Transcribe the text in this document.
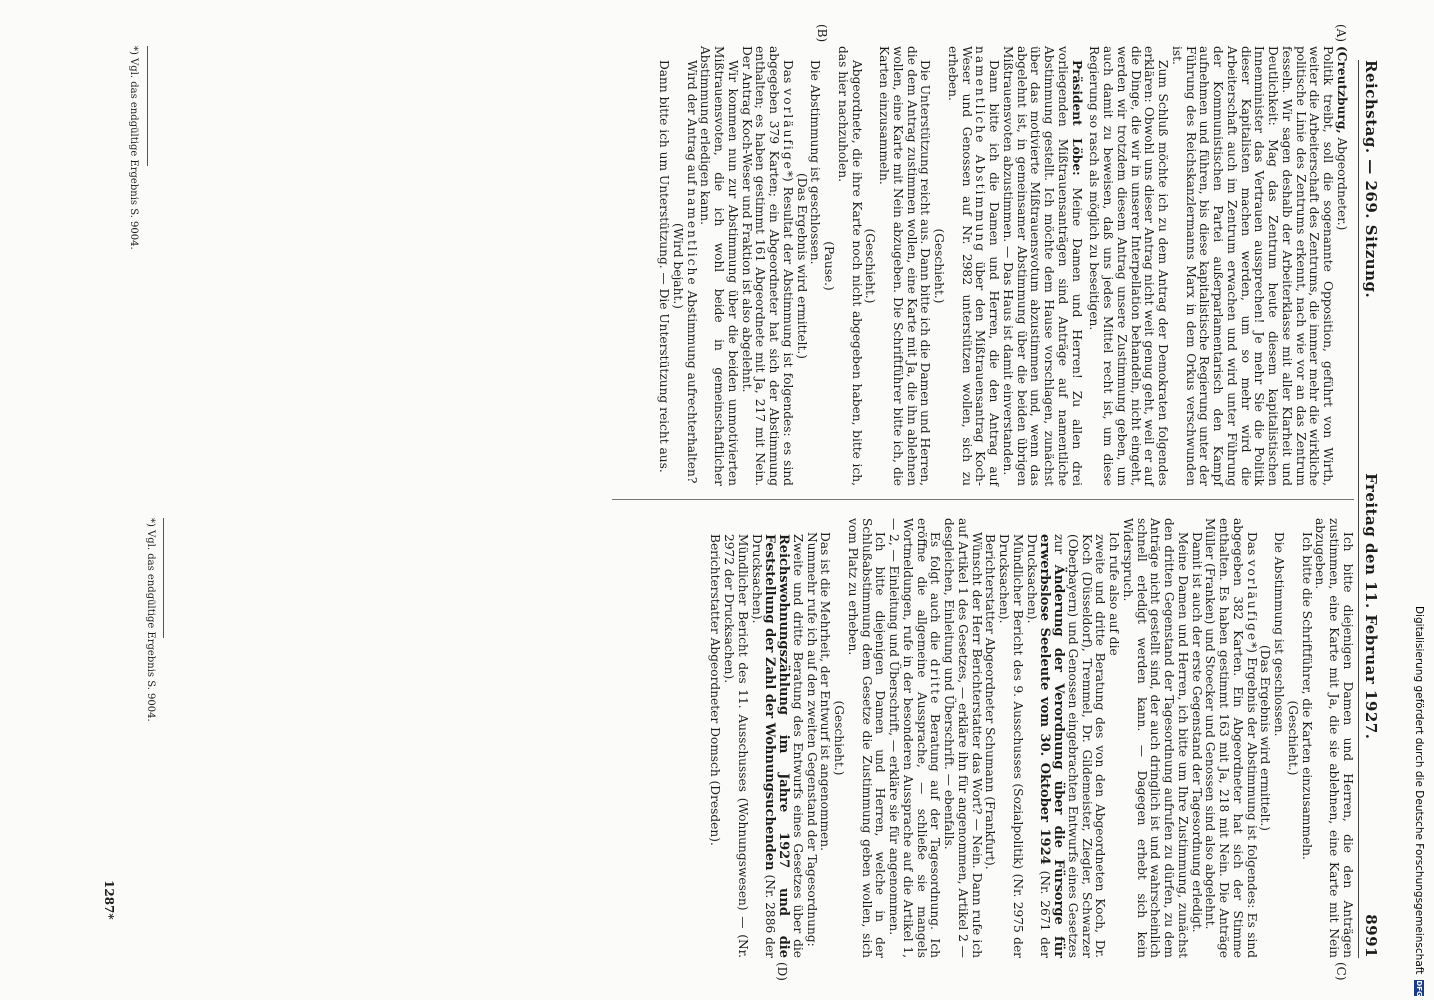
Digitalisierung gefördert durch die Deutsche Forschungsgemeinschaft
DFG
Reichstag. — 269. Sitzung.
Freitag den 11. Februar 1927.
8991
(A)
(B)
(C)
(D)

(Creutzburg, Abgeordneter.)

Politik treibt, soll die sogenannte Opposition, geführt von Wirth, weiter die Arbeiterschaft des Zentrums, die immer mehr die wirkliche politische Linie des Zentrums erkennt, nach wie vor an das Zentrum fesseln. Wir sagen deshalb der Arbeiterklasse mit aller Klarheit und Deutlichkeit: Mag das Zentrum heute diesem kapitalistischen Innenminister das Vertrauen aussprechen! Je mehr Sie die Politik dieser Kapitalisten machen werden, um so mehr wird die Arbeiterschaft auch im Zentrum erwachen und wird unter Führung der Kommunistischen Partei außerparlamentarisch den Kampf aufnehmen und führen, bis diese kapitalistische Regierung unter der Führung des Reichskanzlermanns Marx in dem Orkus verschwunden ist.

Zum Schluß möchte ich zu dem Antrag der Demokraten folgendes erklären: Obwohl uns dieser Antrag nicht weit genug geht, weil er auf die Dinge, die wir in unserer Interpellation behandeln, nicht eingeht, werden wir trotzdem diesem Antrag unsere Zustimmung geben, um auch damit zu beweisen, daß uns jedes Mittel recht ist, um diese Regierung so rasch als möglich zu beseitigen.

Präsident Löbe: Meine Damen und Herren! Zu allen drei vorliegenden Mißtrauensanträgen sind Anträge auf namentliche Abstimmung gestellt. Ich möchte dem Hause vorschlagen, zunächst über das motivierte Mißtrauensvotum abzustimmen und, wenn das abgelehnt ist, in gemeinsamer Abstimmung über die beiden übrigen Mißtrauensvoten abzustimmen. — Das Haus ist damit einverstanden.

Dann bitte ich die Damen und Herren, die den Antrag auf namentliche Abstimmung über den Mißtrauensantrag Koch-Weser und Genossen auf Nr. 2982 unterstützen wollen, sich zu erheben.

(Geschieht.)

Die Unterstützung reicht aus. Dann bitte ich die Damen und Herren, die dem Antrag zustimmen wollen, eine Karte mit Ja, die ihn ablehnen wollen, eine Karte mit Nein abzugeben. Die Schriftführer bitte ich, die Karten einzusammeln.

(Geschieht.)

Abgeordnete, die ihre Karte noch nicht abgegeben haben, bitte ich, das hier nachzuholen.

(Pause.)

Die Abstimmung ist geschlossen.

(Das Ergebnis wird ermittelt.)

Das vorläufige*) Resultat der Abstimmung ist folgendes: es sind abgegeben 379 Karten; ein Abgeordneter hat sich der Abstimmung enthalten; es haben gestimmt 161 Abgeordnete mit Ja, 217 mit Nein. Der Antrag Koch-Weser und Fraktion ist also abgelehnt.

Wir kommen nun zur Abstimmung über die beiden unmotivierten Mißtrauensvoten, die ich wohl beide in gemeinschaftlicher Abstimmung erledigen kann.

Wird der Antrag auf namentliche Abstimmung aufrechterhalten?

(Wird bejaht.)

Dann bitte ich um Unterstützung. — Die Unterstützung reicht aus.

*) Vgl. das endgültige Ergebnis S. 9004.

Ich bitte diejenigen Damen und Herren, die den Anträgen zustimmen, eine Karte mit Ja, die sie ablehnen, eine Karte mit Nein abzugeben.

Ich bitte die Schriftführer, die Karten einzusammeln.

(Geschieht.)

Die Abstimmung ist geschlossen.

(Das Ergebnis wird ermittelt.)

Das vorläufige*) Ergebnis der Abstimmung ist folgendes: Es sind abgegeben 382 Karten. Ein Abgeordneter hat sich der Stimme enthalten. Es haben gestimmt 163 mit Ja, 218 mit Nein. Die Anträge Müller (Franken) und Stoecker und Genossen sind also abgelehnt.

Damit ist auch der erste Gegenstand der Tagesordnung erledigt.

Meine Damen und Herren, ich bitte um Ihre Zustimmung, zunächst den dritten Gegenstand der Tagesordnung aufrufen zu dürfen, zu dem Anträge nicht gestellt sind, der auch dringlich ist und wahrscheinlich schnell erledigt werden kann. — Dagegen erhebt sich kein Widerspruch.

Ich rufe also auf die

zweite und dritte Beratung des von den Abgeordneten Koch, Dr. Koch (Düsseldorf), Tremmel, Dr. Gildemeister, Ziegler, Schwarzer (Oberbayern) und Genossen eingebrachten Entwurfs eines Gesetzes zur Änderung der Verordnung über die Fürsorge für erwerbslose Seeleute vom 30. Oktober 1924 (Nr. 2671 der Drucksachen).

Mündlicher Bericht des 9. Ausschusses (Sozialpolitik) (Nr. 2975 der Drucksachen).

Berichterstatter Abgeordneter Schumann (Frankfurt).

Wünscht der Herr Berichterstatter das Wort? — Nein. Dann rufe ich auf Artikel 1 des Gesetzes, — erkläre ihn für angenommen, Artikel 2 — desgleichen, Einleitung und Überschrift. — ebenfalls.

Es folgt auch die dritte Beratung auf der Tagesordnung. Ich eröffne die allgemeine Aussprache, — schließe sie mangels Wortmeldungen, rufe in der besonderen Aussprache auf die Artikel 1, — 2, — Einleitung und Überschrift, — erkläre sie für angenommen.

Ich bitte diejenigen Damen und Herren, welche in der Schlußabstimmung dem Gesetze die Zustimmung geben wollen, sich vom Platz zu erheben.

(Geschieht.)

Das ist die Mehrheit, der Entwurf ist angenommen.

Nummehr rufe ich auf den zweiten Gegenstand der Tagesordnung:

Zweite und dritte Beratung des Entwurfs eines Gesetzes über die Reichswohnungszählung im Jahre 1927 und die Feststellung der Zahl der Wohnungsuchenden (Nr. 2886 der Drucksachen).

Mündlicher Bericht des 11. Ausschusses (Wohnungswesen) — (Nr. 2972 der Drucksachen).

Berichterstatter Abgeordneter Domsch (Dresden).

*) Vgl. das endgültige Ergebnis S. 9004.
1287*
